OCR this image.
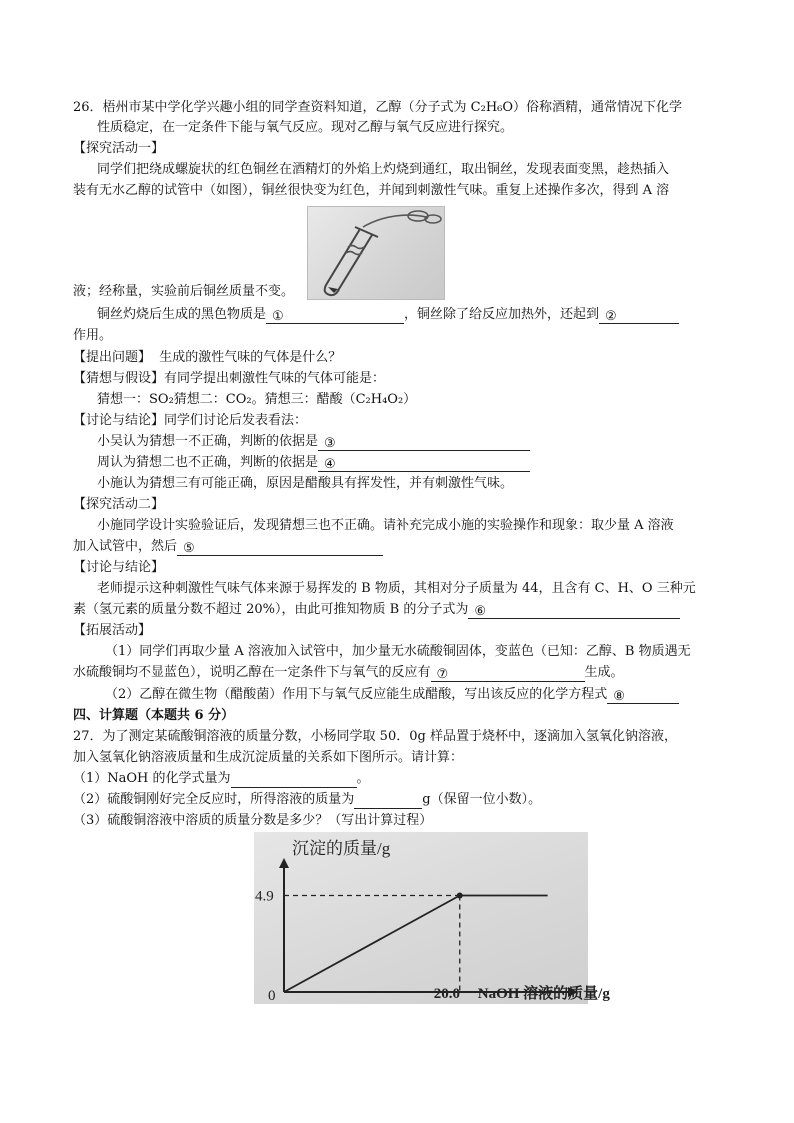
26．梧州市某中学化学兴趣小组的同学查资料知道，乙醇（分子式为 C₂H₆O）俗称酒精，通常情况下化学
性质稳定，在一定条件下能与氧气反应。现对乙醇与氧气反应进行探究。
【探究活动一】
同学们把绕成螺旋状的红色铜丝在酒精灯的外焰上灼烧到通红，取出铜丝，发现表面变黑，趁热插入
装有无水乙醇的试管中（如图），铜丝很快变为红色，并闻到刺激性气味。重复上述操作多次，得到 A 溶
液；经称量，实验前后铜丝质量不变。
铜丝灼烧后生成的黑色物质是 ①	，铜丝除了给反应加热外，还起到 ②
作用。
【提出问题】 生成的激性气味的气体是什么？
【猜想与假设】有同学提出刺激性气味的气体可能是：
猜想一：SO₂猜想二：CO₂。猜想三：醋酸（C₂H₄O₂）
【讨论与结论】同学们讨论后发表看法：
小吴认为猜想一不正确，判断的依据是 ③
周认为猜想二也不正确，判断的依据是 ④
小施认为猜想三有可能正确，原因是醋酸具有挥发性，并有刺激性气味。
【探究活动二】
小施同学设计实验验证后，发现猜想三也不正确。请补充完成小施的实验操作和现象：取少量 A 溶液
加入试管中，然后 ⑤
【讨论与结论】
老师提示这种刺激性气味气体来源于易挥发的 B 物质，其相对分子质量为 44，且含有 C、H、O 三种元
素（氢元素的质量分数不超过 20%），由此可推知物质 B 的分子式为 ⑥
【拓展活动】
（1）同学们再取少量 A 溶液加入试管中，加少量无水硫酸铜固体，变蓝色（已知：乙醇、B 物质遇无
水硫酸铜均不显蓝色），说明乙醇在一定条件下与氧气的反应有 ⑦	生成。
（2）乙醇在微生物（醋酸菌）作用下与氧气反应能生成醋酸，写出该反应的化学方程式 ⑧
四、计算题（本题共 6 分）
27．为了测定某硫酸铜溶液的质量分数，小杨同学取 50．0g 样品置于烧杯中，逐滴加入氢氧化钠溶液，
加入氢氧化钠溶液质量和生成沉淀质量的关系如下图所示。请计算：
（1）NaOH 的化学式量为	。
（2）硫酸铜刚好完全反应时，所得溶液的质量为	g（保留一位小数）。
（3）硫酸铜溶液中溶质的质量分数是多少？（写出计算过程）
沉淀的质量/g
0
4.9
20.0 NaOH 溶液的质量/g
